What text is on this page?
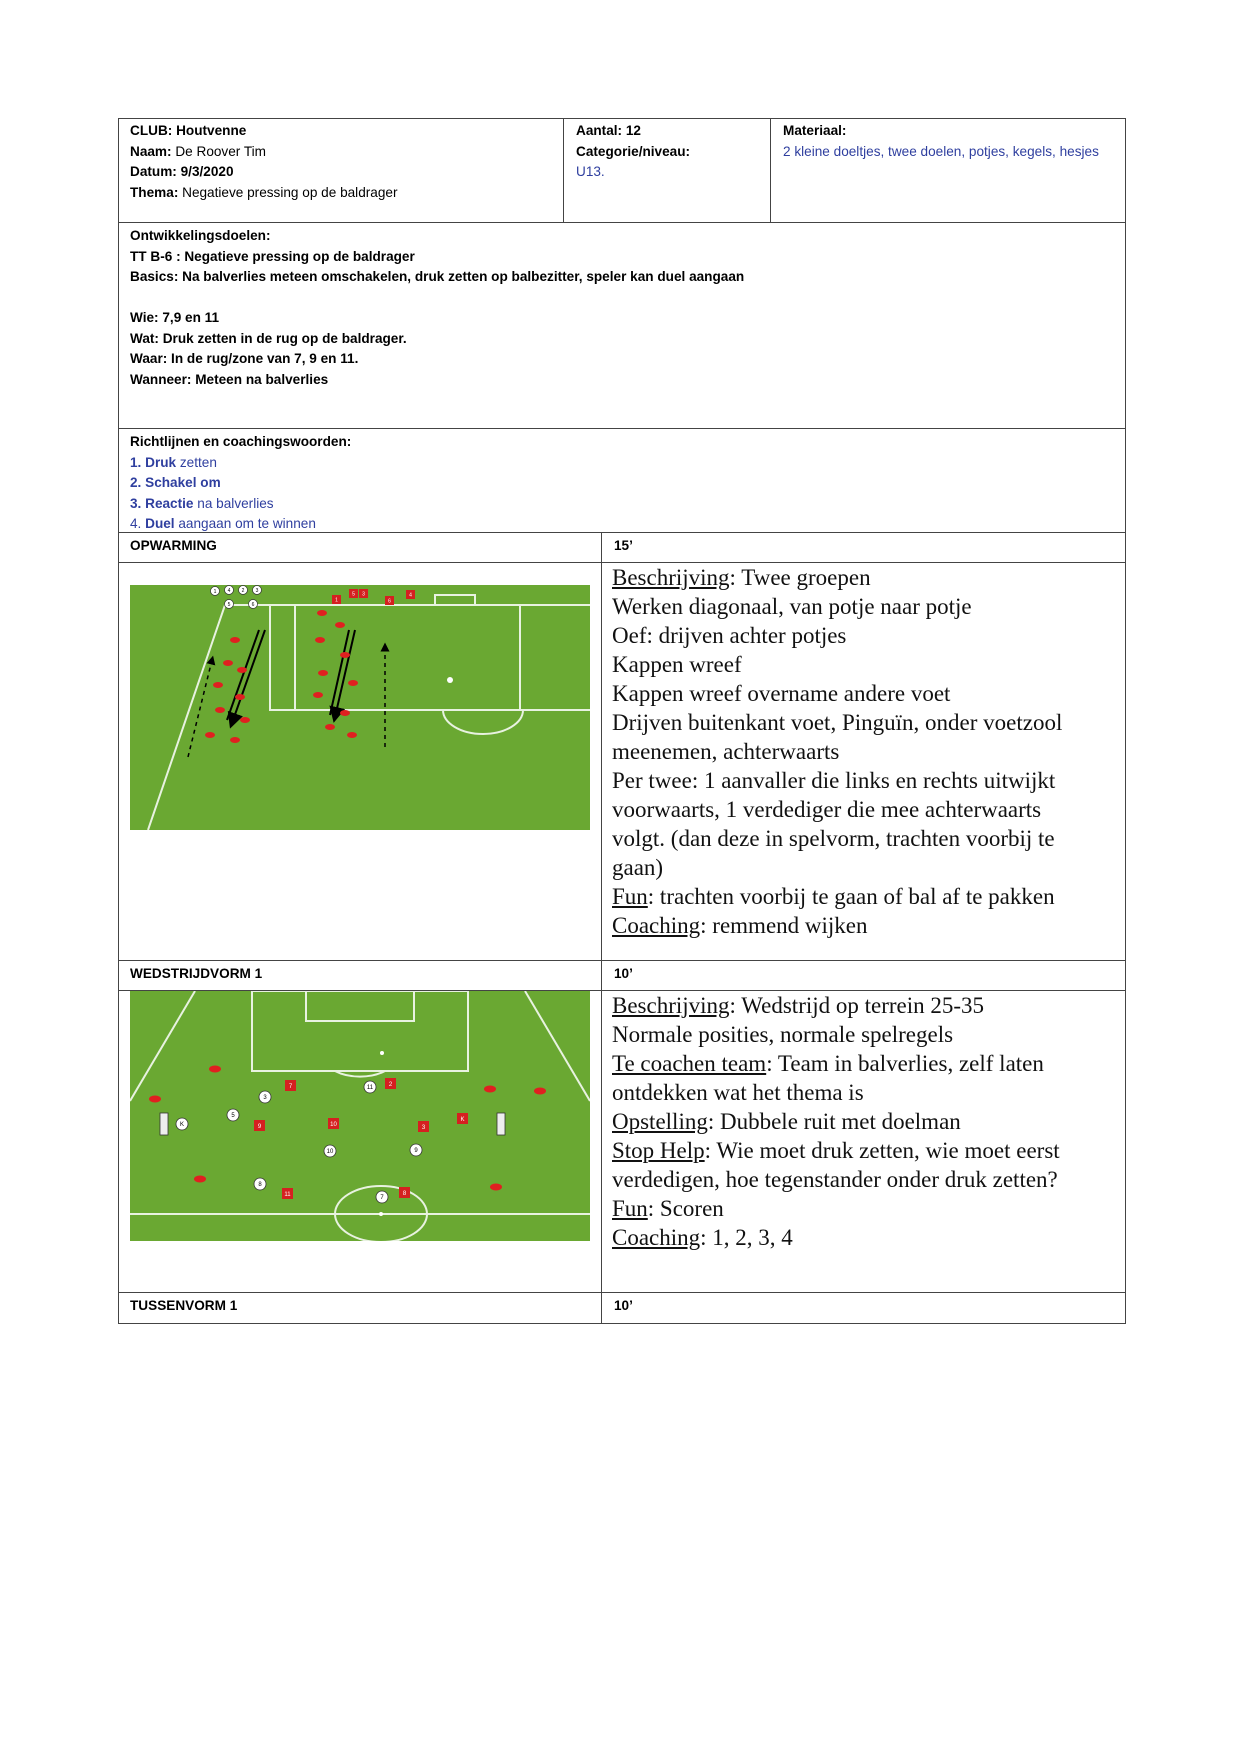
CLUB: Houtvenne
Naam: De Roover Tim
Datum: 9/3/2020
Thema: Negatieve pressing op de baldrager
Aantal: 12
Categorie/niveau:
U13.
Materiaal:
2 kleine doeltjes, twee doelen, potjes, kegels, hesjes
Ontwikkelingsdoelen:
TT B-6 : Negatieve pressing op de baldrager
Basics: Na balverlies meteen omschakelen, druk zetten op balbezitter, speler kan duel aangaan

Wie: 7,9 en 11
Wat: Druk zetten in de rug op de baldrager.
Waar: In de rug/zone van 7, 9 en 11.
Wanneer: Meteen na balverlies
Richtlijnen en coachingswoorden:
1. Druk zetten
2. Schakel om
3. Reactie na balverlies
4. Duel aangaan om te winnen
OPWARMING	15’
1 4 2 3
5	6
1
5 3
6
4
Beschrijving: Twee groepen
Werken diagonaal, van potje naar potje
Oef: drijven achter potjes
Kappen wreef
Kappen wreef overname andere voet
Drijven buitenkant voet, Pinguïn, onder voetzool
meenemen, achterwaarts
Per twee: 1 aanvaller die links en rechts uitwijkt
voorwaarts, 1 verdediger die mee achterwaarts
volgt. (dan deze in spelvorm, trachten voorbij te
gaan)
Fun: trachten voorbij te gaan of bal af te pakken
Coaching: remmend wijken
WEDSTRIJDVORM 1	10’
K
5
3
11
10	9
8
7
7	2
9	10	3
K
11	8
Beschrijving: Wedstrijd op terrein 25-35
Normale posities, normale spelregels
Te coachen team: Team in balverlies, zelf laten
ontdekken wat het thema is
Opstelling: Dubbele ruit met doelman
Stop Help: Wie moet druk zetten, wie moet eerst
verdedigen, hoe tegenstander onder druk zetten?
Fun: Scoren
Coaching: 1, 2, 3, 4
TUSSENVORM 1	10’
